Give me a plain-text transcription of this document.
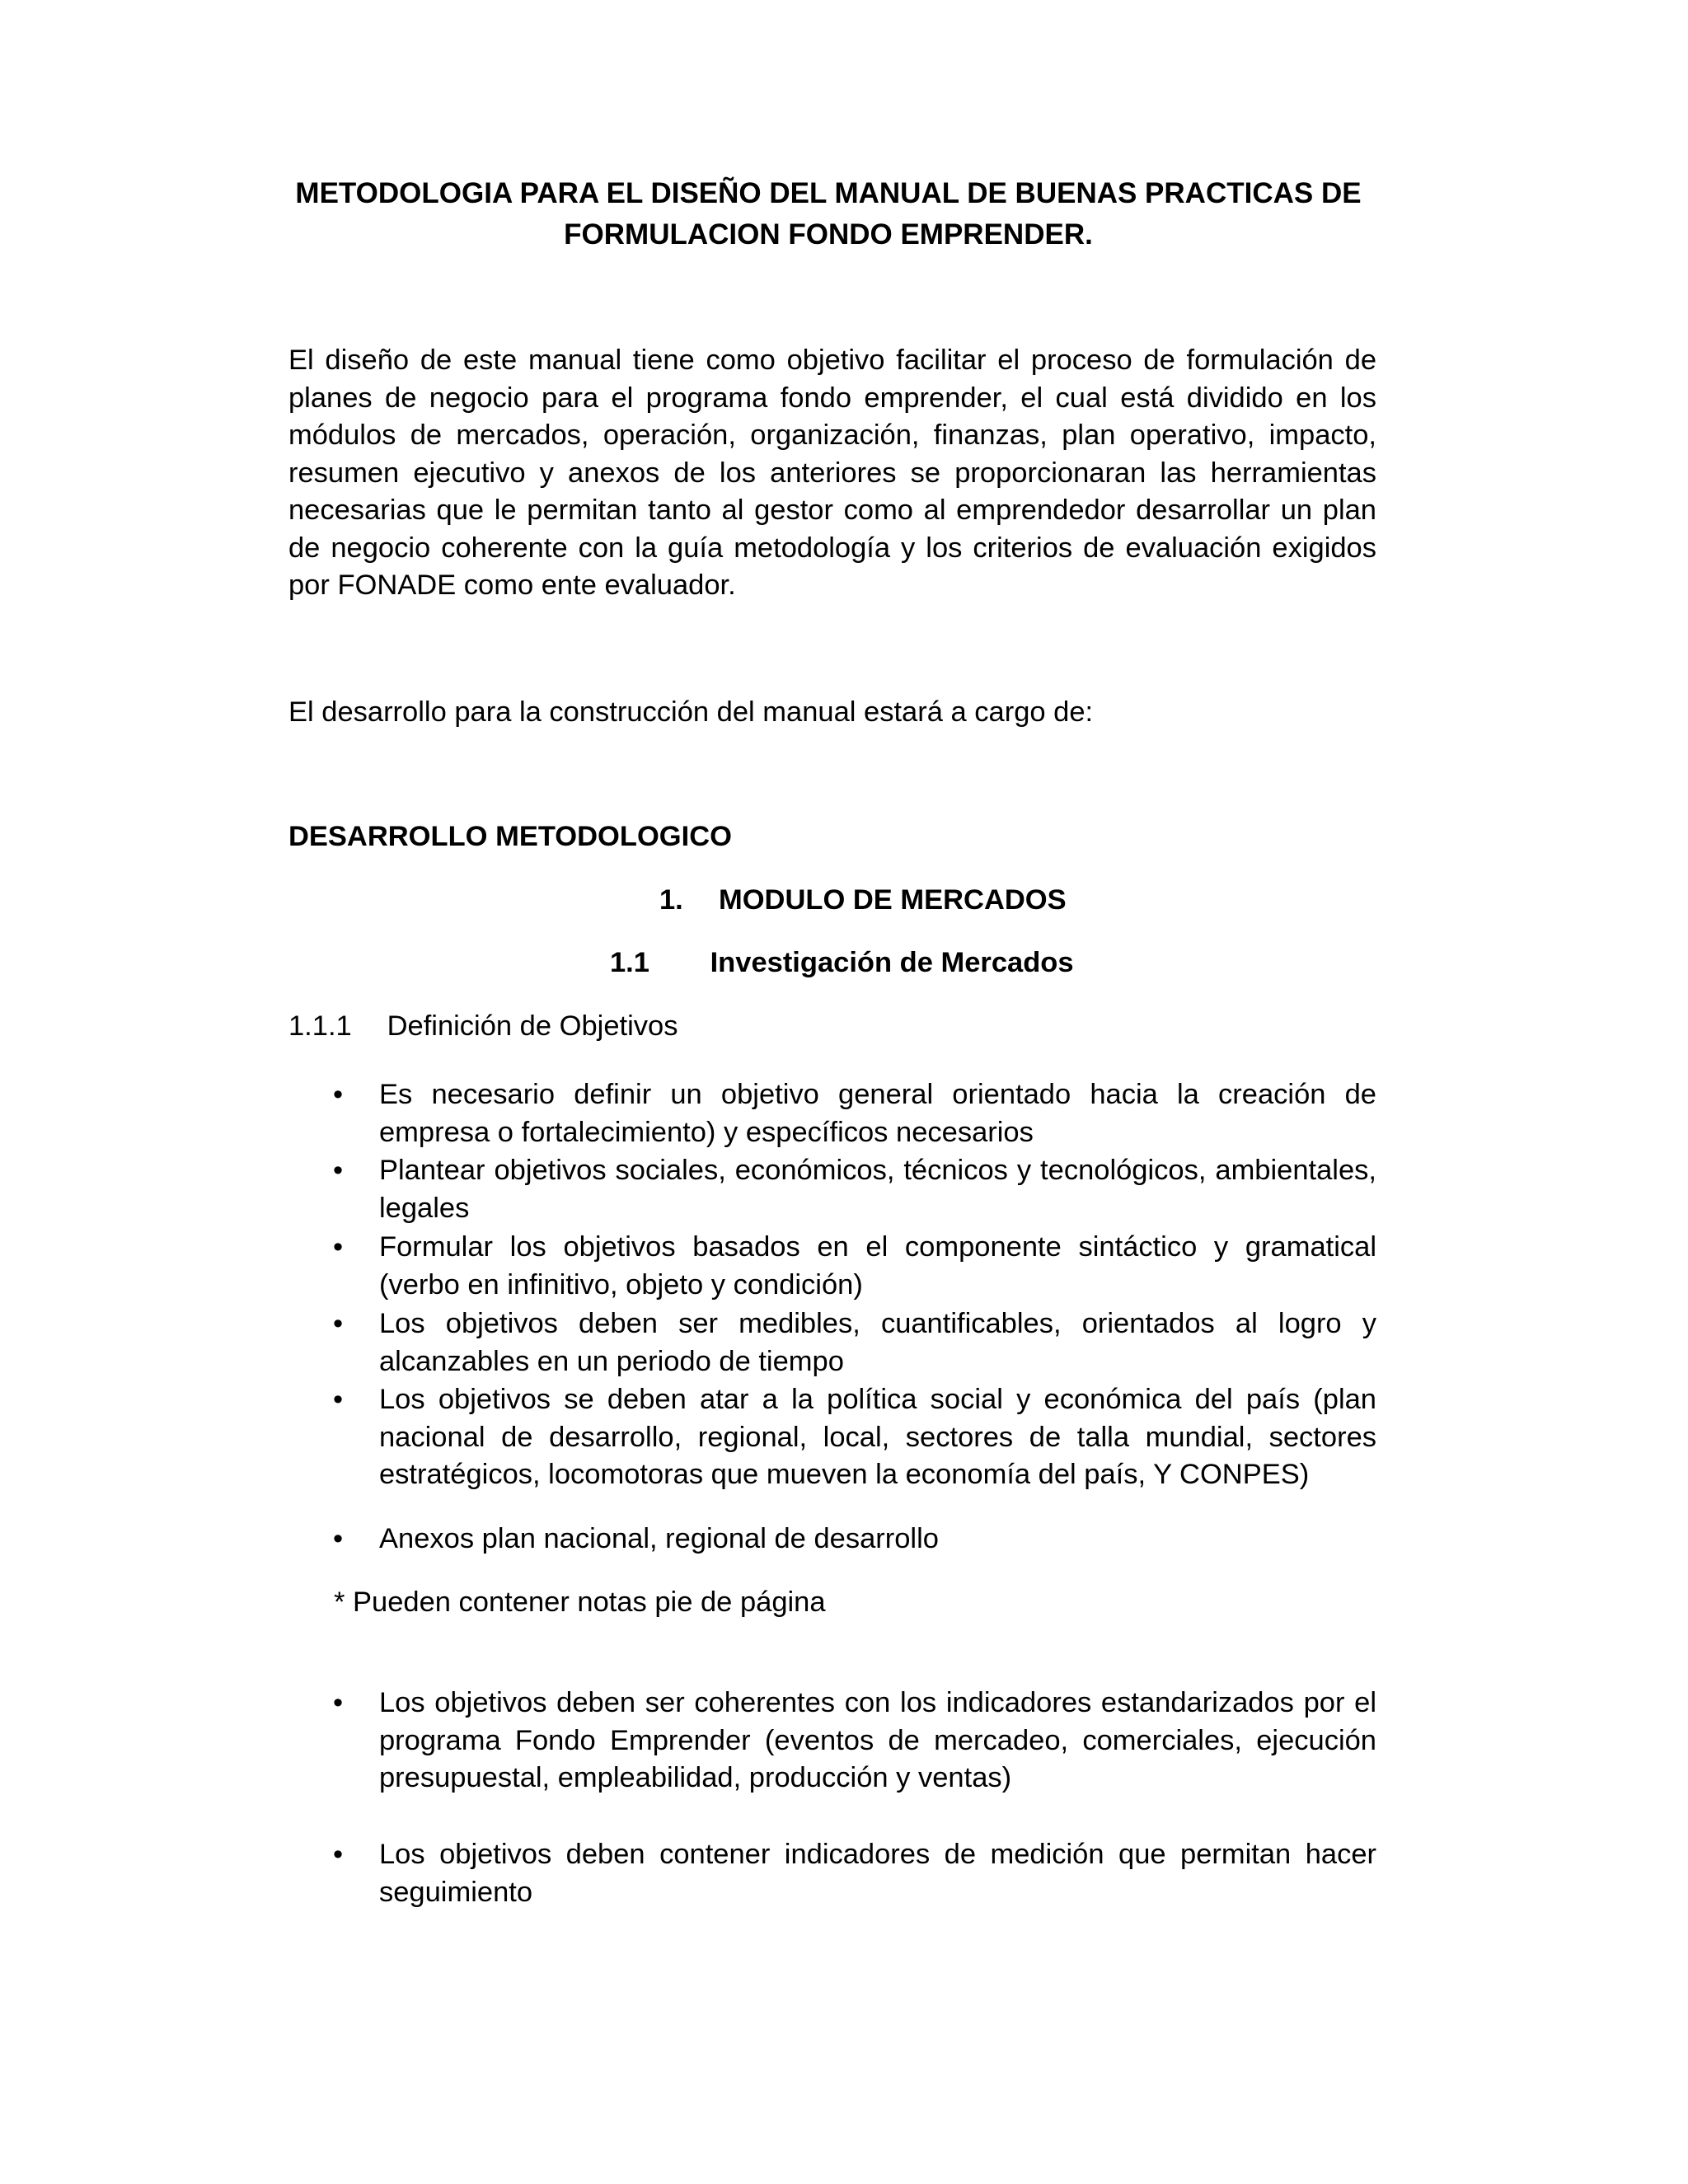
METODOLOGIA PARA EL DISEÑO DEL MANUAL DE BUENAS PRACTICAS DE
FORMULACION FONDO EMPRENDER.
El diseño de este manual tiene como objetivo facilitar el proceso de formulación de planes de negocio para el programa fondo emprender, el cual está dividido en los módulos de mercados, operación, organización, finanzas, plan operativo, impacto, resumen ejecutivo y anexos de los anteriores se proporcionaran las herramientas necesarias que le permitan tanto al gestor como al emprendedor desarrollar un plan de negocio coherente con la guía metodología y los criterios de evaluación exigidos por FONADE como ente evaluador.
El desarrollo para la construcción del manual estará a cargo de:
DESARROLLO METODOLOGICO
1. MODULO DE MERCADOS
1.1 Investigación de Mercados
1.1.1 Definición de Objetivos
• Es necesario definir un objetivo general orientado hacia la creación de empresa o fortalecimiento) y específicos necesarios
• Plantear objetivos sociales, económicos, técnicos y tecnológicos, ambientales, legales
• Formular los objetivos basados en el componente sintáctico y gramatical (verbo en infinitivo, objeto y condición)
• Los objetivos deben ser medibles, cuantificables, orientados al logro y alcanzables en un periodo de tiempo
• Los objetivos se deben atar a la política social y económica del país (plan nacional de desarrollo, regional, local, sectores de talla mundial, sectores estratégicos, locomotoras que mueven la economía del país, Y CONPES)
• Anexos plan nacional, regional de desarrollo
* Pueden contener notas pie de página
• Los objetivos deben ser coherentes con los indicadores estandarizados por el programa Fondo Emprender (eventos de mercadeo, comerciales, ejecución presupuestal, empleabilidad, producción y ventas)
• Los objetivos deben contener indicadores de medición que permitan hacer seguimiento
